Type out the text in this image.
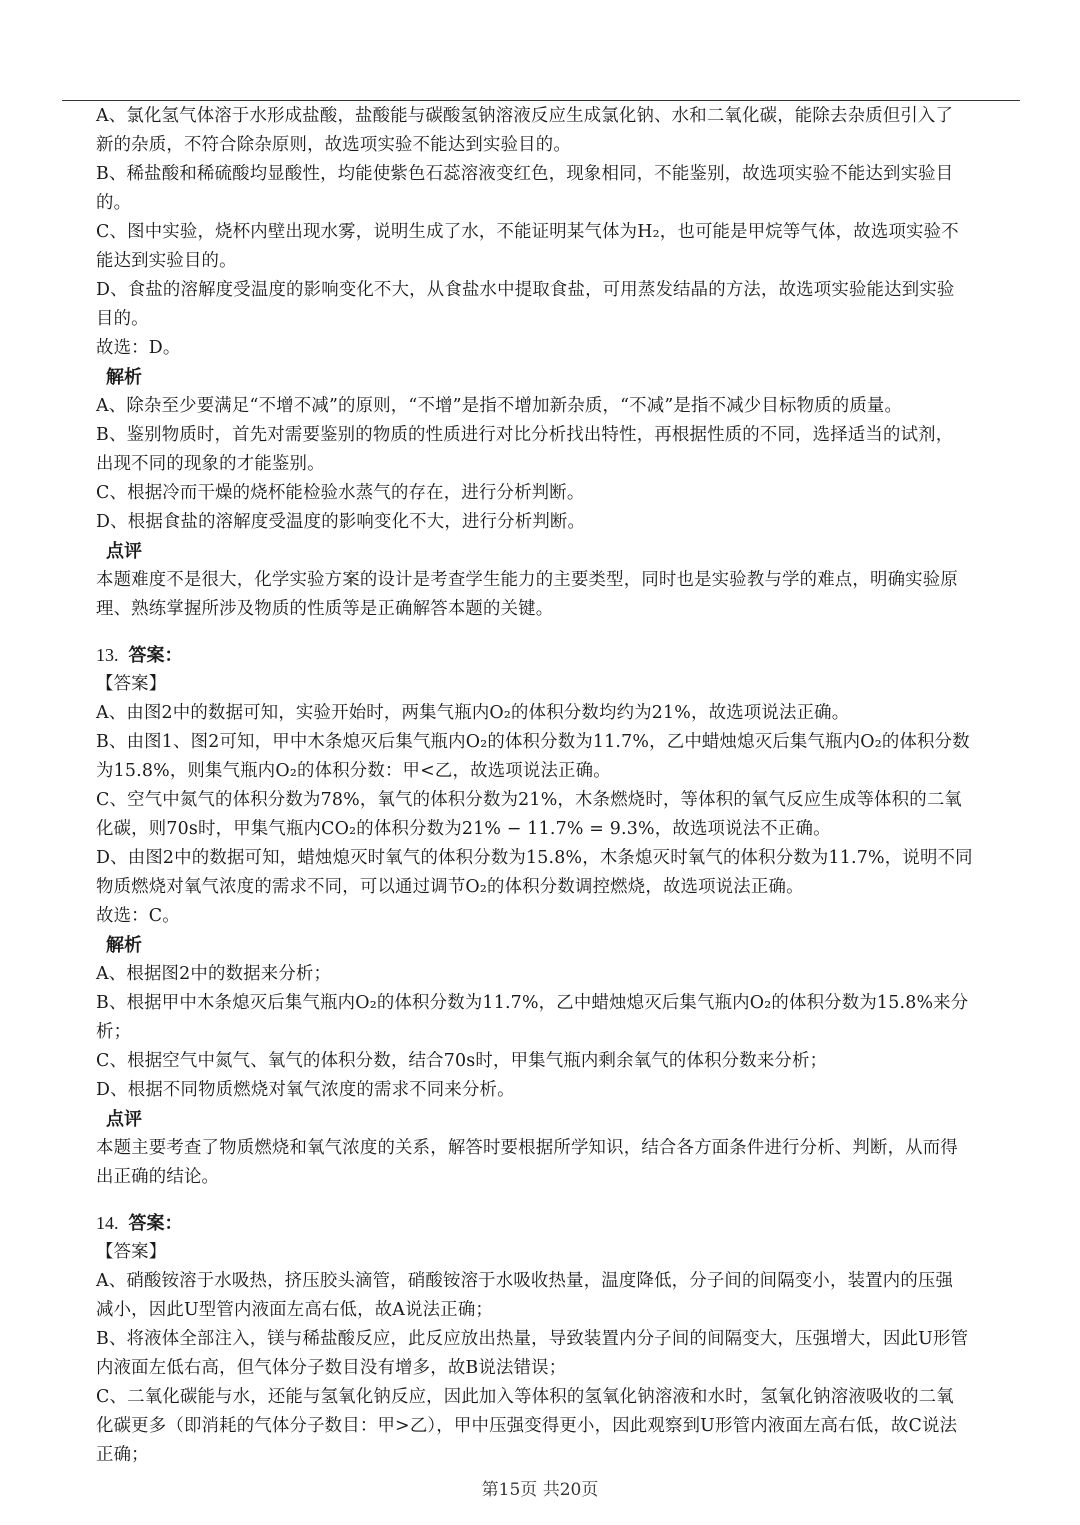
A、氯化氢气体溶于水形成盐酸，盐酸能与碳酸氢钠溶液反应生成氯化钠、水和二氧化碳，能除去杂质但引入了
新的杂质，不符合除杂原则，故选项实验不能达到实验目的。
B、稀盐酸和稀硫酸均显酸性，均能使紫色石蕊溶液变红色，现象相同，不能鉴别，故选项实验不能达到实验目
的。
C、图中实验，烧杯内壁出现水雾，说明生成了水，不能证明某气体为H₂，也可能是甲烷等气体，故选项实验不
能达到实验目的。
D、食盐的溶解度受温度的影响变化不大，从食盐水中提取食盐，可用蒸发结晶的方法，故选项实验能达到实验
目的。
故选：D。
解析
A、除杂至少要满足“不增不减”的原则，“不增”是指不增加新杂质，“不减”是指不减少目标物质的质量。
B、鉴别物质时，首先对需要鉴别的物质的性质进行对比分析找出特性，再根据性质的不同，选择适当的试剂，
出现不同的现象的才能鉴别。
C、根据冷而干燥的烧杯能检验水蒸气的存在，进行分析判断。
D、根据食盐的溶解度受温度的影响变化不大，进行分析判断。
点评
本题难度不是很大，化学实验方案的设计是考查学生能力的主要类型，同时也是实验教与学的难点，明确实验原
理、熟练掌握所涉及物质的性质等是正确解答本题的关键。
13. 答案：
【答案】
A、由图2中的数据可知，实验开始时，两集气瓶内O₂的体积分数均约为21%，故选项说法正确。
B、由图1、图2可知，甲中木条熄灭后集气瓶内O₂的体积分数为11.7%，乙中蜡烛熄灭后集气瓶内O₂的体积分数
为15.8%，则集气瓶内O₂的体积分数：甲<乙，故选项说法正确。
C、空气中氮气的体积分数为78%，氧气的体积分数为21%，木条燃烧时，等体积的氧气反应生成等体积的二氧
化碳，则70s时，甲集气瓶内CO₂的体积分数为21% − 11.7% = 9.3%，故选项说法不正确。
D、由图2中的数据可知，蜡烛熄灭时氧气的体积分数为15.8%，木条熄灭时氧气的体积分数为11.7%，说明不同
物质燃烧对氧气浓度的需求不同，可以通过调节O₂的体积分数调控燃烧，故选项说法正确。
故选：C。
解析
A、根据图2中的数据来分析；
B、根据甲中木条熄灭后集气瓶内O₂的体积分数为11.7%，乙中蜡烛熄灭后集气瓶内O₂的体积分数为15.8%来分
析；
C、根据空气中氮气、氧气的体积分数，结合70s时，甲集气瓶内剩余氧气的体积分数来分析；
D、根据不同物质燃烧对氧气浓度的需求不同来分析。
点评
本题主要考查了物质燃烧和氧气浓度的关系，解答时要根据所学知识，结合各方面条件进行分析、判断，从而得
出正确的结论。
14. 答案：
【答案】
A、硝酸铵溶于水吸热，挤压胶头滴管，硝酸铵溶于水吸收热量，温度降低，分子间的间隔变小，装置内的压强
减小，因此U型管内液面左高右低，故A说法正确；
B、将液体全部注入，镁与稀盐酸反应，此反应放出热量，导致装置内分子间的间隔变大，压强增大，因此U形管
内液面左低右高，但气体分子数目没有增多，故B说法错误；
C、二氧化碳能与水，还能与氢氧化钠反应，因此加入等体积的氢氧化钠溶液和水时，氢氧化钠溶液吸收的二氧
化碳更多（即消耗的气体分子数目：甲>乙），甲中压强变得更小，因此观察到U形管内液面左高右低，故C说法
正确；
第15页 共20页
